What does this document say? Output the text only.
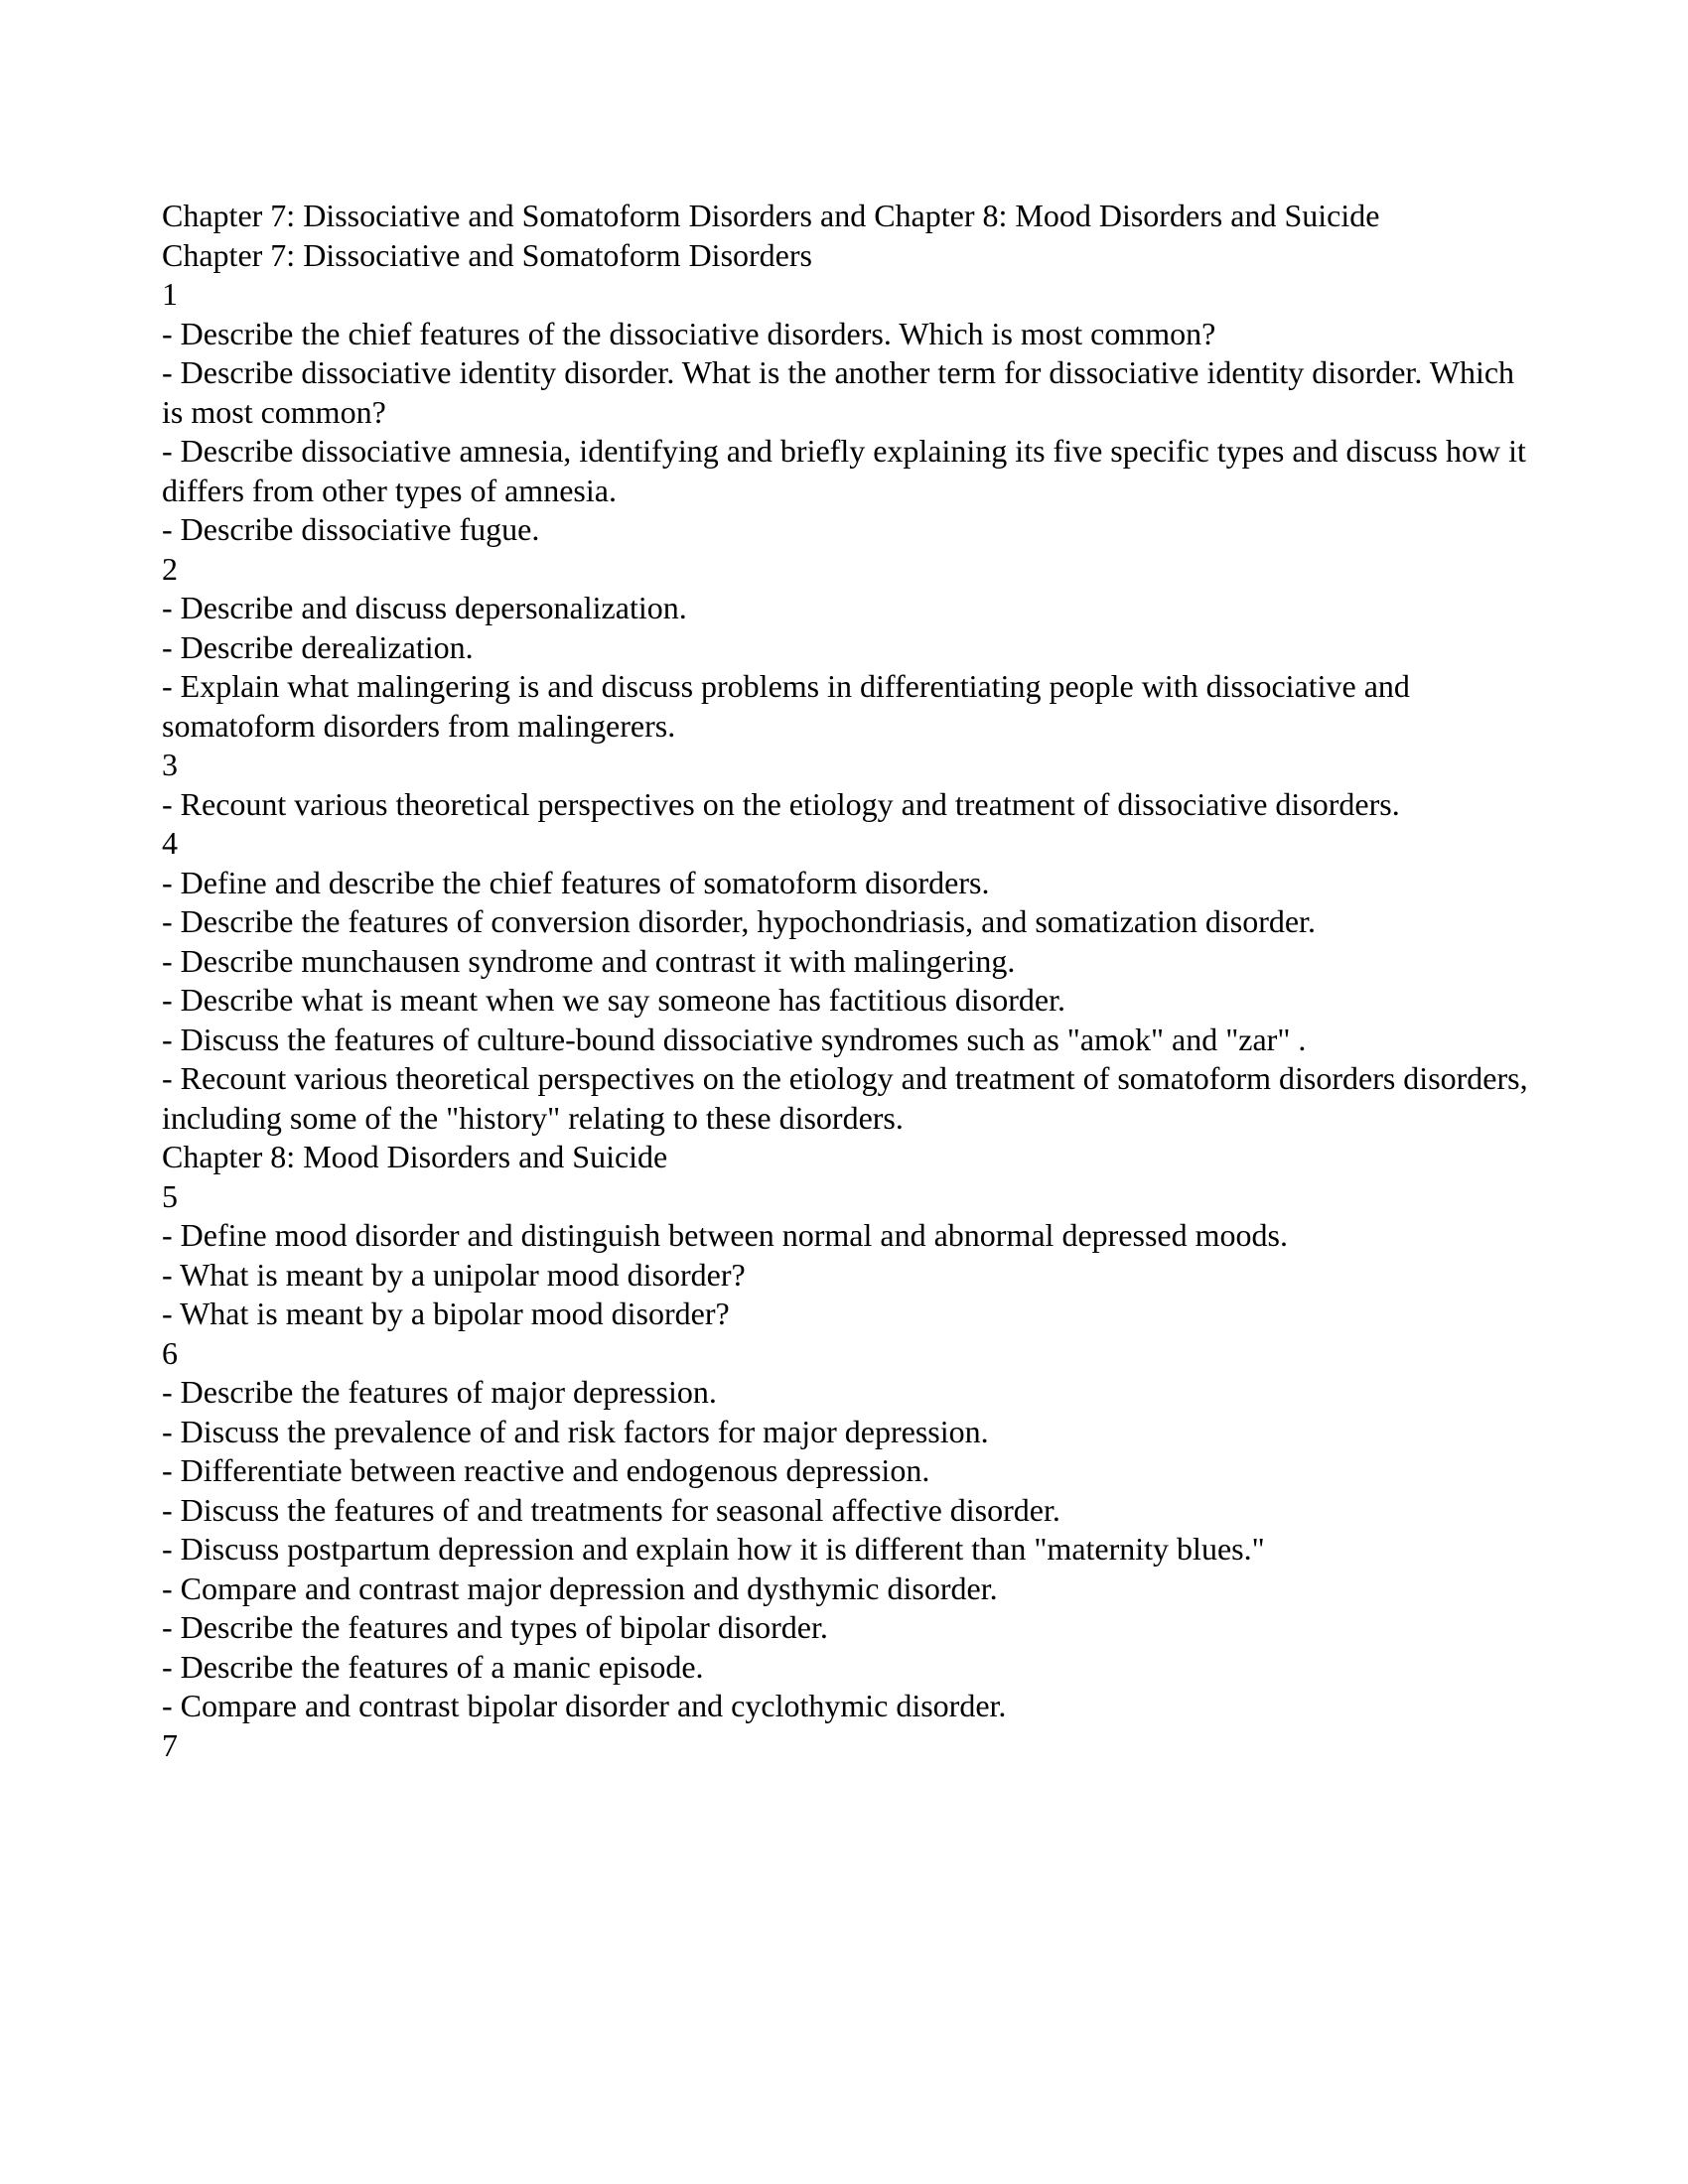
Chapter 7: Dissociative and Somatoform Disorders and Chapter 8: Mood Disorders and Suicide

Chapter 7: Dissociative and Somatoform Disorders

1

- Describe the chief features of the dissociative disorders. Which is most common?

- Describe dissociative identity disorder. What is the another term for dissociative identity disorder. Which is most common?

- Describe dissociative amnesia, identifying and briefly explaining its five specific types and discuss how it differs from other types of amnesia.

- Describe dissociative fugue.

2

- Describe and discuss depersonalization.

- Describe derealization.

- Explain what malingering is and discuss problems in differentiating people with dissociative and somatoform disorders from malingerers.

3

- Recount various theoretical perspectives on the etiology and treatment of dissociative disorders.

4

- Define and describe the chief features of somatoform disorders.

- Describe the features of conversion disorder, hypochondriasis, and somatization disorder.

- Describe munchausen syndrome and contrast it with malingering.

- Describe what is meant when we say someone has factitious disorder.

- Discuss the features of culture-bound dissociative syndromes such as "amok" and "zar" .

- Recount various theoretical perspectives on the etiology and treatment of somatoform disorders disorders, including some of the "history" relating to these disorders.

Chapter 8: Mood Disorders and Suicide

5

- Define mood disorder and distinguish between normal and abnormal depressed moods.

- What is meant by a unipolar mood disorder?

- What is meant by a bipolar mood disorder?

6

- Describe the features of major depression.

- Discuss the prevalence of and risk factors for major depression.

- Differentiate between reactive and endogenous depression.

- Discuss the features of and treatments for seasonal affective disorder.

- Discuss postpartum depression and explain how it is different than "maternity blues."

- Compare and contrast major depression and dysthymic disorder.

- Describe the features and types of bipolar disorder.

- Describe the features of a manic episode.

- Compare and contrast bipolar disorder and cyclothymic disorder.

7
